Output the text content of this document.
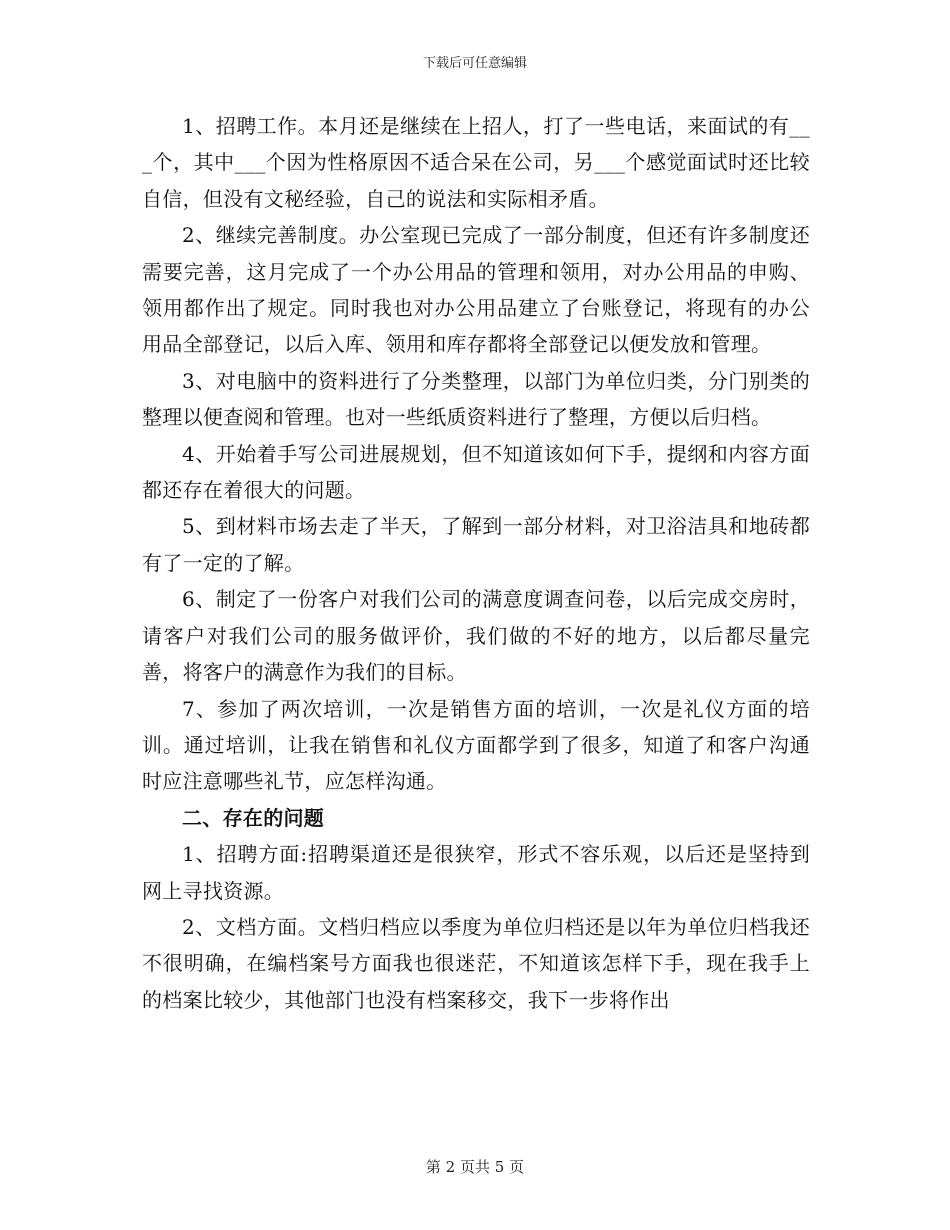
下载后可任意编辑

1、招聘工作。本月还是继续在上招人，打了一些电话，来面试的有___个，其中___个因为性格原因不适合呆在公司，另___个感觉面试时还比较自信，但没有文秘经验，自己的说法和实际相矛盾。

2、继续完善制度。办公室现已完成了一部分制度，但还有许多制度还需要完善，这月完成了一个办公用品的管理和领用，对办公用品的申购、领用都作出了规定。同时我也对办公用品建立了台账登记，将现有的办公用品全部登记，以后入库、领用和库存都将全部登记以便发放和管理。

3、对电脑中的资料进行了分类整理，以部门为单位归类，分门别类的整理以便查阅和管理。也对一些纸质资料进行了整理，方便以后归档。

4、开始着手写公司进展规划，但不知道该如何下手，提纲和内容方面都还存在着很大的问题。

5、到材料市场去走了半天，了解到一部分材料，对卫浴洁具和地砖都有了一定的了解。

6、制定了一份客户对我们公司的满意度调查问卷，以后完成交房时，请客户对我们公司的服务做评价，我们做的不好的地方，以后都尽量完善，将客户的满意作为我们的目标。

7、参加了两次培训，一次是销售方面的培训，一次是礼仪方面的培训。通过培训，让我在销售和礼仪方面都学到了很多，知道了和客户沟通时应注意哪些礼节，应怎样沟通。

二、存在的问题

1、招聘方面:招聘渠道还是很狭窄，形式不容乐观，以后还是坚持到网上寻找资源。

2、文档方面。文档归档应以季度为单位归档还是以年为单位归档我还不很明确，在编档案号方面我也很迷茫，不知道该怎样下手，现在我手上的档案比较少，其他部门也没有档案移交，我下一步将作出

第 2 页共 5 页
